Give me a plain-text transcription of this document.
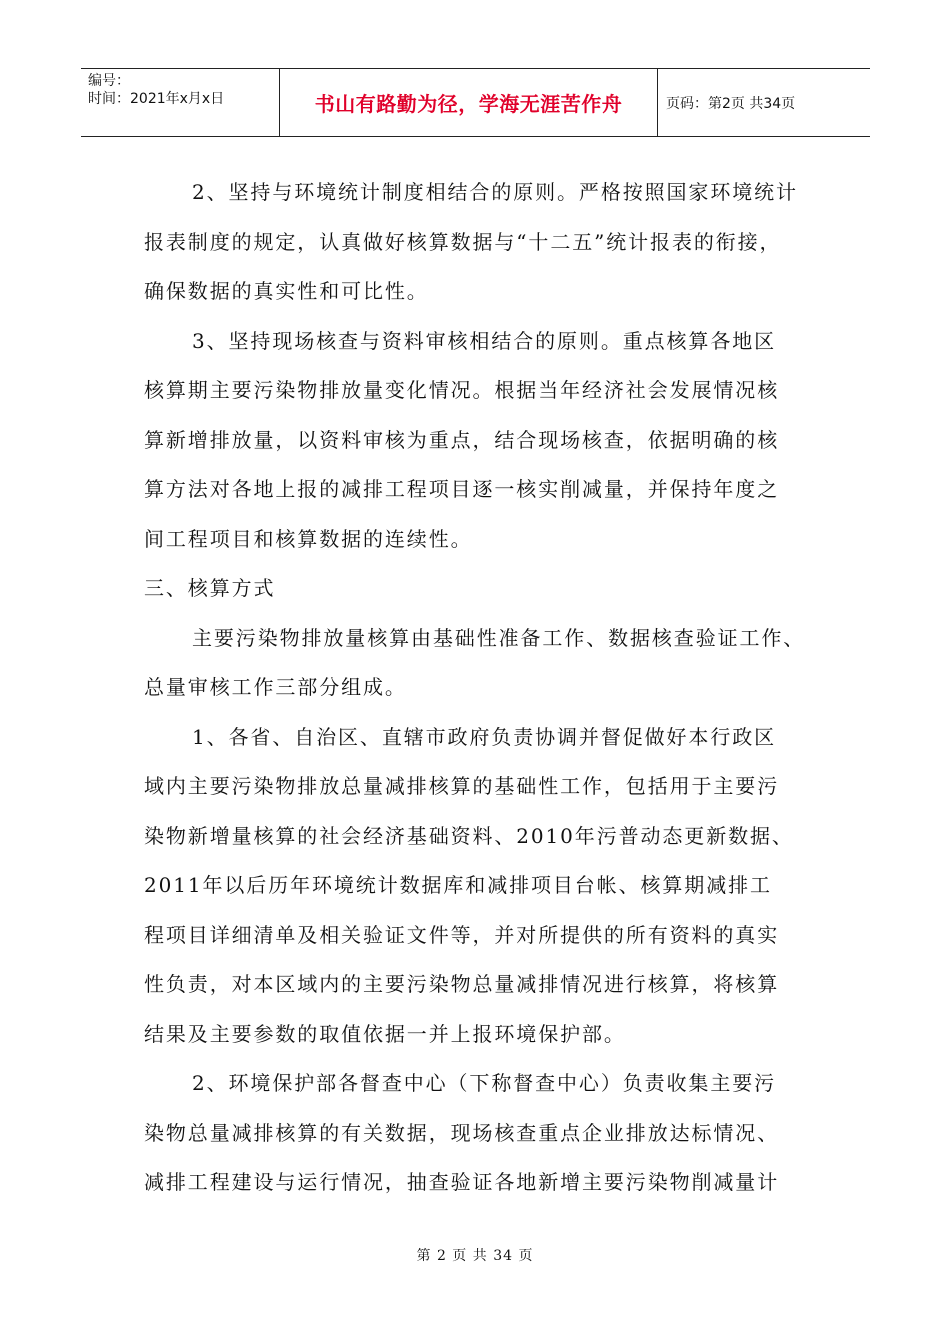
编号：
时间：2021年x月x日	书山有路勤为径，学海无涯苦作舟	页码：第2页 共34页
2、坚持与环境统计制度相结合的原则。严格按照国家环境统计
报表制度的规定，认真做好核算数据与“十二五”统计报表的衔接，
确保数据的真实性和可比性。
3、坚持现场核查与资料审核相结合的原则。重点核算各地区
核算期主要污染物排放量变化情况。根据当年经济社会发展情况核
算新增排放量，以资料审核为重点，结合现场核查，依据明确的核
算方法对各地上报的减排工程项目逐一核实削减量，并保持年度之
间工程项目和核算数据的连续性。
三、核算方式
主要污染物排放量核算由基础性准备工作、数据核查验证工作、
总量审核工作三部分组成。
1、各省、自治区、直辖市政府负责协调并督促做好本行政区
域内主要污染物排放总量减排核算的基础性工作，包括用于主要污
染物新增量核算的社会经济基础资料、2010年污普动态更新数据、
2011年以后历年环境统计数据库和减排项目台帐、核算期减排工
程项目详细清单及相关验证文件等，并对所提供的所有资料的真实
性负责，对本区域内的主要污染物总量减排情况进行核算，将核算
结果及主要参数的取值依据一并上报环境保护部。
2、环境保护部各督查中心（下称督查中心）负责收集主要污
染物总量减排核算的有关数据，现场核查重点企业排放达标情况、
减排工程建设与运行情况，抽查验证各地新增主要污染物削减量计
第 2 页 共 34 页
